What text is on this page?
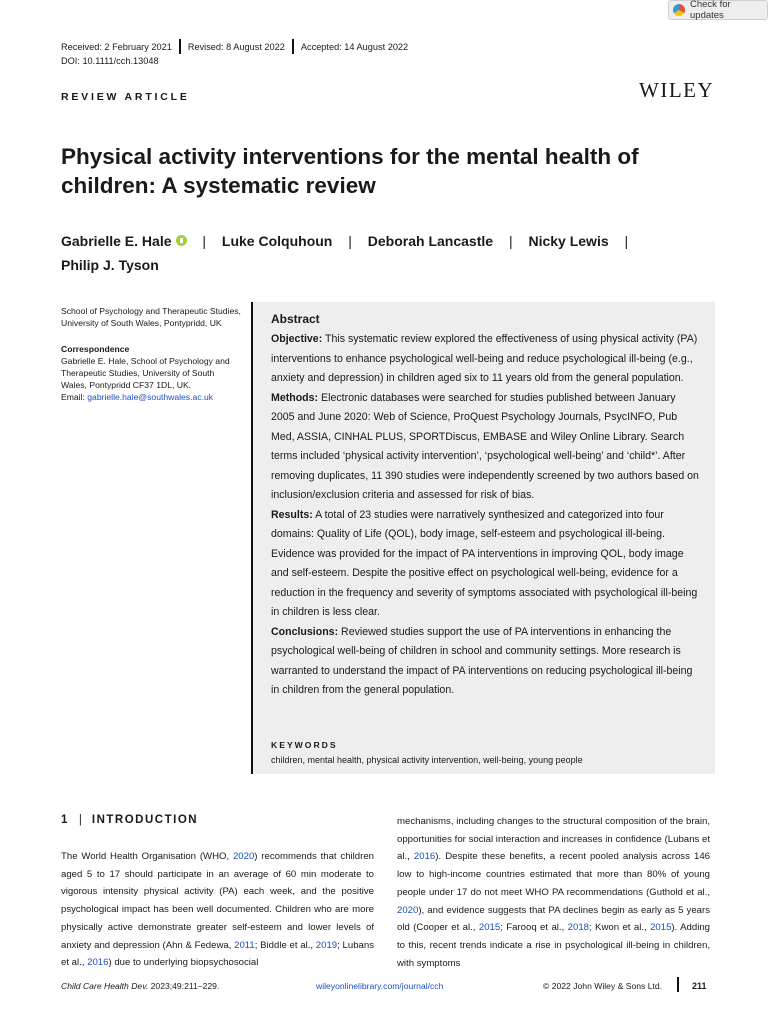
Check for updates
Received: 2 February 2021 Revised: 8 August 2022 Accepted: 14 August 2022
DOI: 10.1111/cch.13048
REVIEW ARTICLE	WILEY
Physical activity interventions for the mental health of
children: A systematic review
Gabrielle E. Hale | Luke Colquhoun | Deborah Lancastle | Nicky Lewis |
Philip J. Tyson
School of Psychology and Therapeutic Studies,
University of South Wales, Pontypridd, UK
Correspondence
Gabrielle E. Hale, School of Psychology and
Therapeutic Studies, University of South
Wales, Pontypridd CF37 1DL, UK.
Email: gabrielle.hale@southwales.ac.uk
Abstract
Objective: This systematic review explored the effectiveness of using physical activity (PA) interventions to enhance psychological well-being and reduce psychological ill-being (e.g., anxiety and depression) in children aged six to 11 years old from the general population.
Methods: Electronic databases were searched for studies published between January 2005 and June 2020: Web of Science, ProQuest Psychology Journals, PsycINFO, Pub Med, ASSIA, CINHAL PLUS, SPORTDiscus, EMBASE and Wiley Online Library. Search terms included ‘physical activity intervention’, ‘psychological well-being’ and ‘child*’. After removing duplicates, 11 390 studies were independently screened by two authors based on inclusion/exclusion criteria and assessed for risk of bias.
Results: A total of 23 studies were narratively synthesized and categorized into four domains: Quality of Life (QOL), body image, self-esteem and psychological ill-being. Evidence was provided for the impact of PA interventions in improving QOL, body image and self-esteem. Despite the positive effect on psychological well-being, evidence for a reduction in the frequency and severity of symptoms associated with psychological ill-being in children is less clear.
Conclusions: Reviewed studies support the use of PA interventions in enhancing the psychological well-being of children in school and community settings. More research is warranted to understand the impact of PA interventions on reducing psychological ill-being in children from the general population.
KEYWORDS
children, mental health, physical activity intervention, well-being, young people
1 | INTRODUCTION
The World Health Organisation (WHO, 2020) recommends that children aged 5 to 17 should participate in an average of 60 min moderate to vigorous intensity physical activity (PA) each week, and the positive psychological impact has been well documented. Children who are more physically active demonstrate greater self-esteem and lower levels of anxiety and depression (Ahn & Fedewa, 2011; Biddle et al., 2019; Lubans et al., 2016) due to underlying biopsychosocial
mechanisms, including changes to the structural composition of the brain, opportunities for social interaction and increases in confidence (Lubans et al., 2016). Despite these benefits, a recent pooled analysis across 146 low to high-income countries estimated that more than 80% of young people under 17 do not meet WHO PA recommendations (Guthold et al., 2020), and evidence suggests that PA declines begin as early as 5 years old (Cooper et al., 2015; Farooq et al., 2018; Kwon et al., 2015). Adding to this, recent trends indicate a rise in psychological ill-being in children, with symptoms
Child Care Health Dev. 2023;49:211–229.	wileyonlinelibrary.com/journal/cch	© 2022 John Wiley & Sons Ltd.	211
